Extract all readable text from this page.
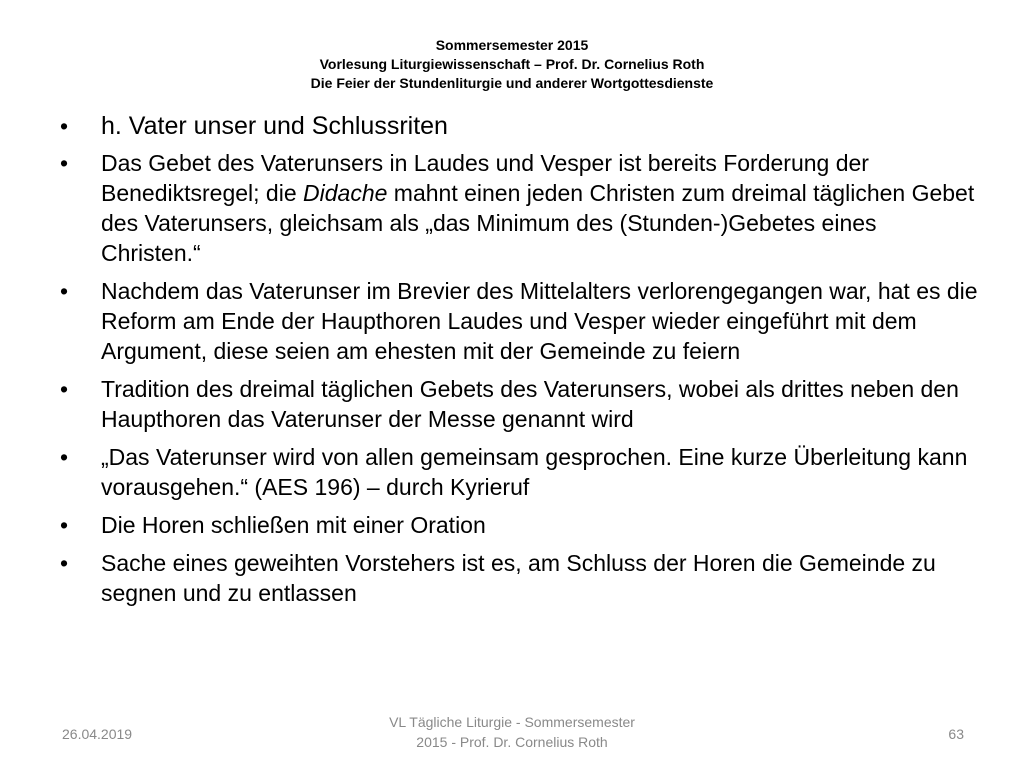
Sommersemester 2015
Vorlesung Liturgiewissenschaft – Prof. Dr. Cornelius Roth
Die Feier der Stundenliturgie und anderer Wortgottesdienste
• h. Vater unser und Schlussriten
• Das Gebet des Vaterunsers in Laudes und Vesper ist bereits Forderung der Benediktsregel; die Didache mahnt einen jeden Christen zum dreimal täglichen Gebet des Vaterunsers, gleichsam als „das Minimum des (Stunden-)Gebetes eines Christen.“
• Nachdem das Vaterunser im Brevier des Mittelalters verlorengegangen war, hat es die Reform am Ende der Haupthoren Laudes und Vesper wieder eingeführt mit dem Argument, diese seien am ehesten mit der Gemeinde zu feiern
• Tradition des dreimal täglichen Gebets des Vaterunsers, wobei als drittes neben den Haupthoren das Vaterunser der Messe genannt wird
• „Das Vaterunser wird von allen gemeinsam gesprochen. Eine kurze Überleitung kann vorausgehen.“ (AES 196) – durch Kyrieruf
• Die Horen schließen mit einer Oration
• Sache eines geweihten Vorstehers ist es, am Schluss der Horen die Gemeinde zu segnen und zu entlassen
26.04.2019
VL Tägliche Liturgie - Sommersemester
2015 - Prof. Dr. Cornelius Roth	63
